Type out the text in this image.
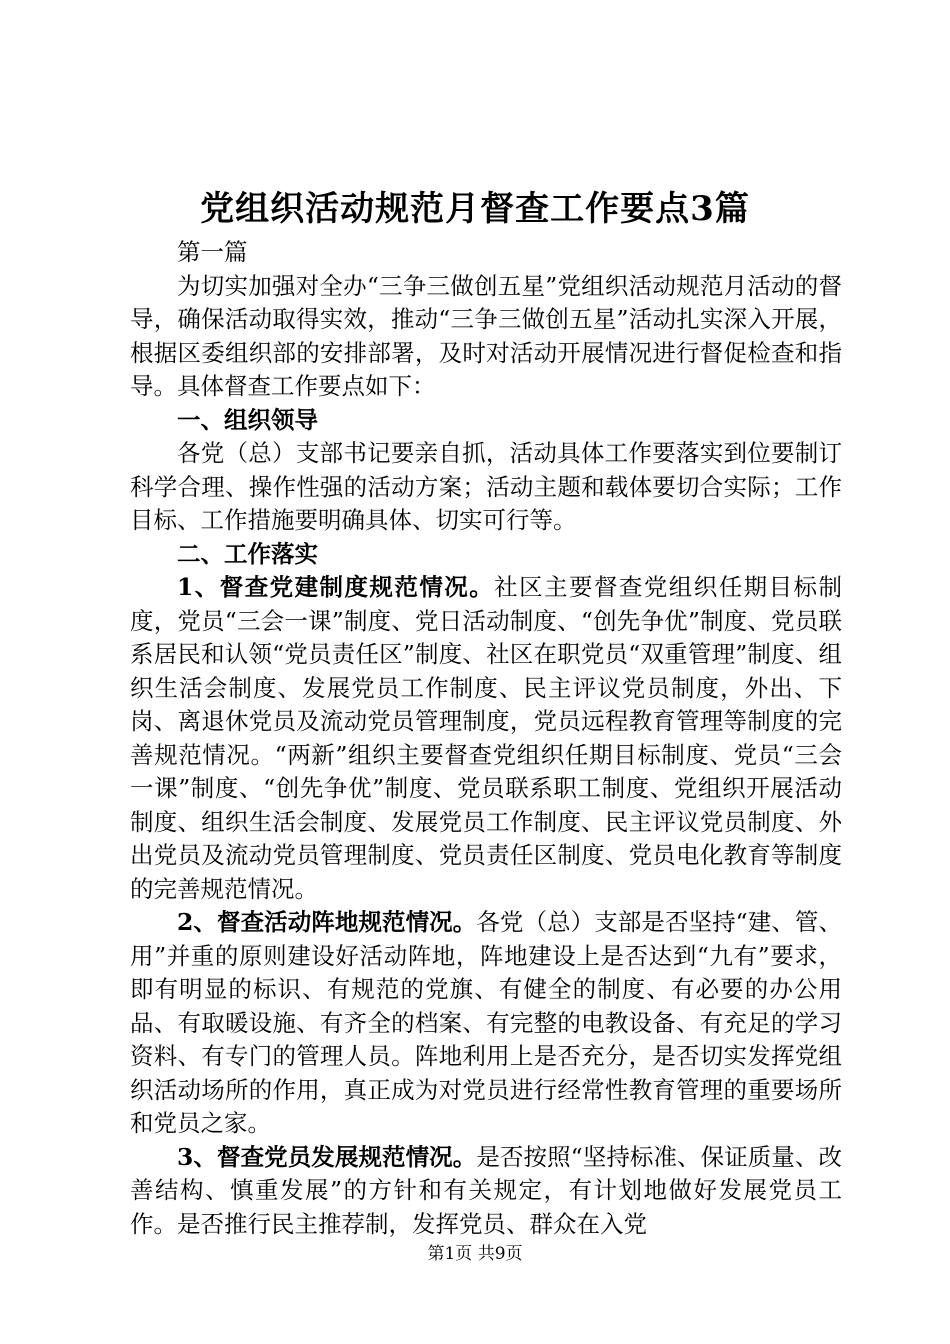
党组织活动规范月督查工作要点3篇

第一篇

为切实加强对全办“三争三做创五星”党组织活动规范月活动的督导，确保活动取得实效，推动“三争三做创五星”活动扎实深入开展，根据区委组织部的安排部署，及时对活动开展情况进行督促检查和指导。具体督查工作要点如下：

一、组织领导

各党（总）支部书记要亲自抓，活动具体工作要落实到位要制订科学合理、操作性强的活动方案；活动主题和载体要切合实际；工作目标、工作措施要明确具体、切实可行等。

二、工作落实

1、督查党建制度规范情况。社区主要督查党组织任期目标制度，党员“三会一课”制度、党日活动制度、“创先争优”制度、党员联系居民和认领“党员责任区”制度、社区在职党员“双重管理”制度、组织生活会制度、发展党员工作制度、民主评议党员制度，外出、下岗、离退休党员及流动党员管理制度，党员远程教育管理等制度的完善规范情况。“两新”组织主要督查党组织任期目标制度、党员“三会一课”制度、“创先争优”制度、党员联系职工制度、党组织开展活动制度、组织生活会制度、发展党员工作制度、民主评议党员制度、外出党员及流动党员管理制度、党员责任区制度、党员电化教育等制度的完善规范情况。

2、督查活动阵地规范情况。各党（总）支部是否坚持“建、管、用”并重的原则建设好活动阵地，阵地建设上是否达到“九有”要求，即有明显的标识、有规范的党旗、有健全的制度、有必要的办公用品、有取暖设施、有齐全的档案、有完整的电教设备、有充足的学习资料、有专门的管理人员。阵地利用上是否充分，是否切实发挥党组织活动场所的作用，真正成为对党员进行经常性教育管理的重要场所和党员之家。

3、督查党员发展规范情况。是否按照“坚持标准、保证质量、改善结构、慎重发展”的方针和有关规定，有计划地做好发展党员工作。是否推行民主推荐制，发挥党员、群众在入党

第1页 共9页
